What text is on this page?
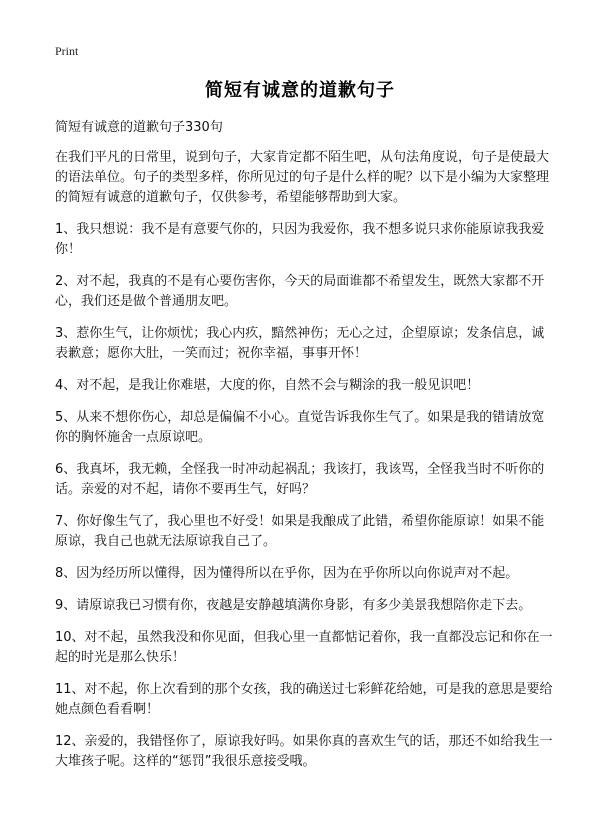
Print
简短有诚意的道歉句子

简短有诚意的道歉句子330句

在我们平凡的日常里，说到句子，大家肯定都不陌生吧，从句法角度说，句子是使最大的语法单位。句子的类型多样，你所见过的句子是什么样的呢？以下是小编为大家整理的简短有诚意的道歉句子，仅供参考，希望能够帮助到大家。

1、我只想说：我不是有意要气你的，只因为我爱你，我不想多说只求你能原谅我我爱你！

2、对不起，我真的不是有心要伤害你，今天的局面谁都不希望发生，既然大家都不开心，我们还是做个普通朋友吧。

3、惹你生气，让你烦忧；我心内疚，黯然神伤；无心之过，企望原谅；发条信息，诚表歉意；愿你大肚，一笑而过；祝你幸福，事事开怀！

4、对不起，是我让你难堪，大度的你，自然不会与糊涂的我一般见识吧！

5、从来不想你伤心，却总是偏偏不小心。直觉告诉我你生气了。如果是我的错请放宽你的胸怀施舍一点原谅吧。

6、我真坏，我无赖，全怪我一时冲动起祸乱；我该打，我该骂，全怪我当时不听你的话。亲爱的对不起，请你不要再生气，好吗？

7、你好像生气了，我心里也不好受！如果是我酿成了此错，希望你能原谅！如果不能原谅，我自己也就无法原谅我自己了。

8、因为经历所以懂得，因为懂得所以在乎你，因为在乎你所以向你说声对不起。

9、请原谅我已习惯有你，夜越是安静越填满你身影，有多少美景我想陪你走下去。

10、对不起，虽然我没和你见面，但我心里一直都惦记着你，我一直都没忘记和你在一起的时光是那么快乐！

11、对不起，你上次看到的那个女孩，我的确送过七彩鲜花给她，可是我的意思是要给她点颜色看看啊！

12、亲爱的，我错怪你了，原谅我好吗。如果你真的喜欢生气的话，那还不如给我生一大堆孩子呢。这样的“惩罚”我很乐意接受哦。
